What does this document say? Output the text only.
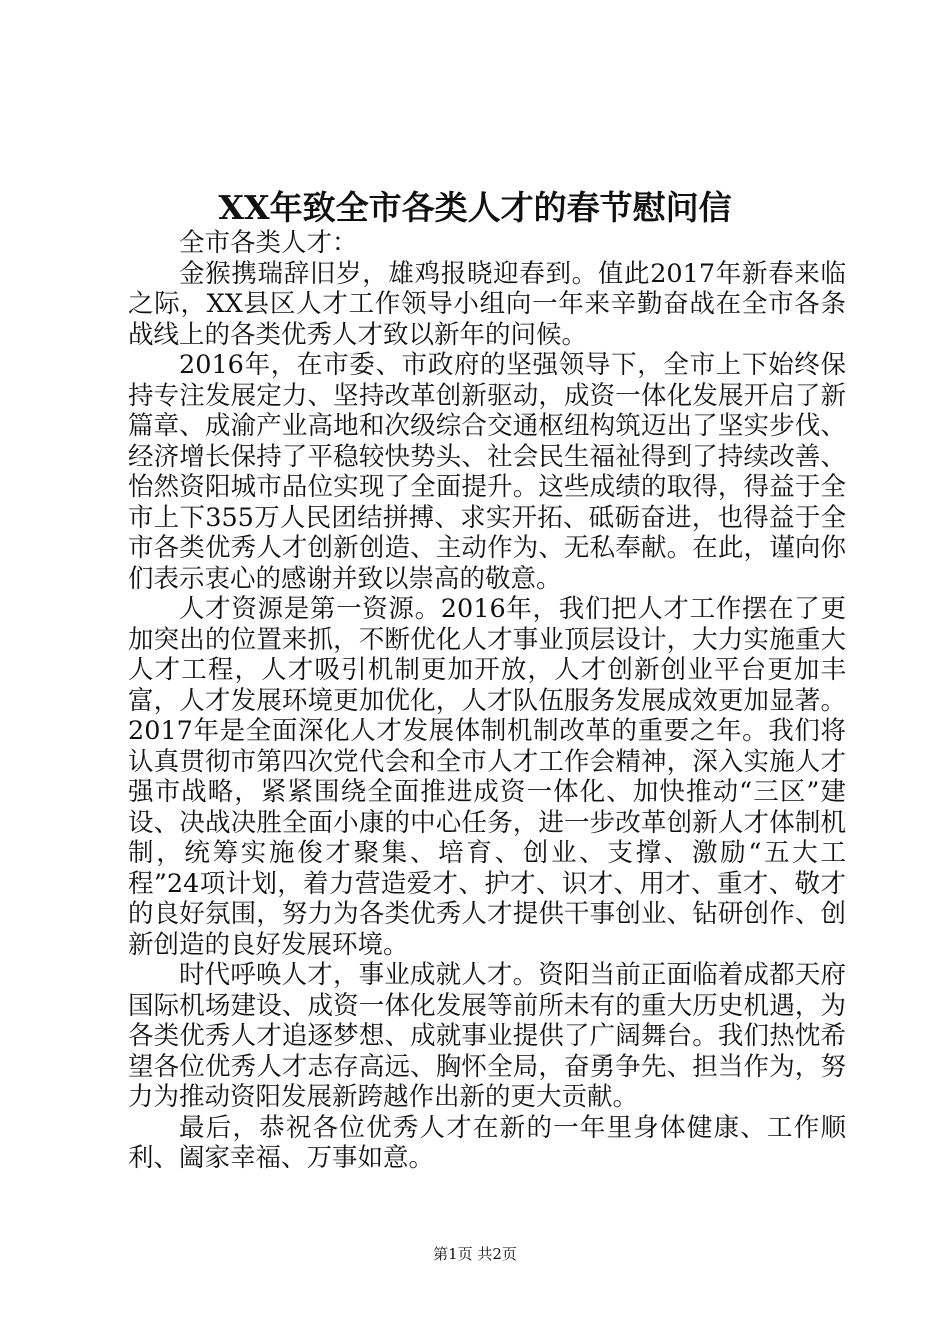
XX年致全市各类人才的春节慰问信

全市各类人才：

金猴携瑞辞旧岁，雄鸡报晓迎春到。值此2017年新春来临之际，XX县区人才工作领导小组向一年来辛勤奋战在全市各条战线上的各类优秀人才致以新年的问候。

2016年，在市委、市政府的坚强领导下，全市上下始终保持专注发展定力、坚持改革创新驱动，成资一体化发展开启了新篇章、成渝产业高地和次级综合交通枢纽构筑迈出了坚实步伐、经济增长保持了平稳较快势头、社会民生福祉得到了持续改善、怡然资阳城市品位实现了全面提升。这些成绩的取得，得益于全市上下355万人民团结拼搏、求实开拓、砥砺奋进，也得益于全市各类优秀人才创新创造、主动作为、无私奉献。在此，谨向你们表示衷心的感谢并致以崇高的敬意。

人才资源是第一资源。2016年，我们把人才工作摆在了更加突出的位置来抓，不断优化人才事业顶层设计，大力实施重大人才工程，人才吸引机制更加开放，人才创新创业平台更加丰富，人才发展环境更加优化，人才队伍服务发展成效更加显著。2017年是全面深化人才发展体制机制改革的重要之年。我们将认真贯彻市第四次党代会和全市人才工作会精神，深入实施人才强市战略，紧紧围绕全面推进成资一体化、加快推动“三区”建设、决战决胜全面小康的中心任务，进一步改革创新人才体制机制，统筹实施俊才聚集、培育、创业、支撑、激励“五大工程”24项计划，着力营造爱才、护才、识才、用才、重才、敬才的良好氛围，努力为各类优秀人才提供干事创业、钻研创作、创新创造的良好发展环境。

时代呼唤人才，事业成就人才。资阳当前正面临着成都天府国际机场建设、成资一体化发展等前所未有的重大历史机遇，为各类优秀人才追逐梦想、成就事业提供了广阔舞台。我们热忱希望各位优秀人才志存高远、胸怀全局，奋勇争先、担当作为，努力为推动资阳发展新跨越作出新的更大贡献。

最后，恭祝各位优秀人才在新的一年里身体健康、工作顺利、阖家幸福、万事如意。

第1页 共2页
